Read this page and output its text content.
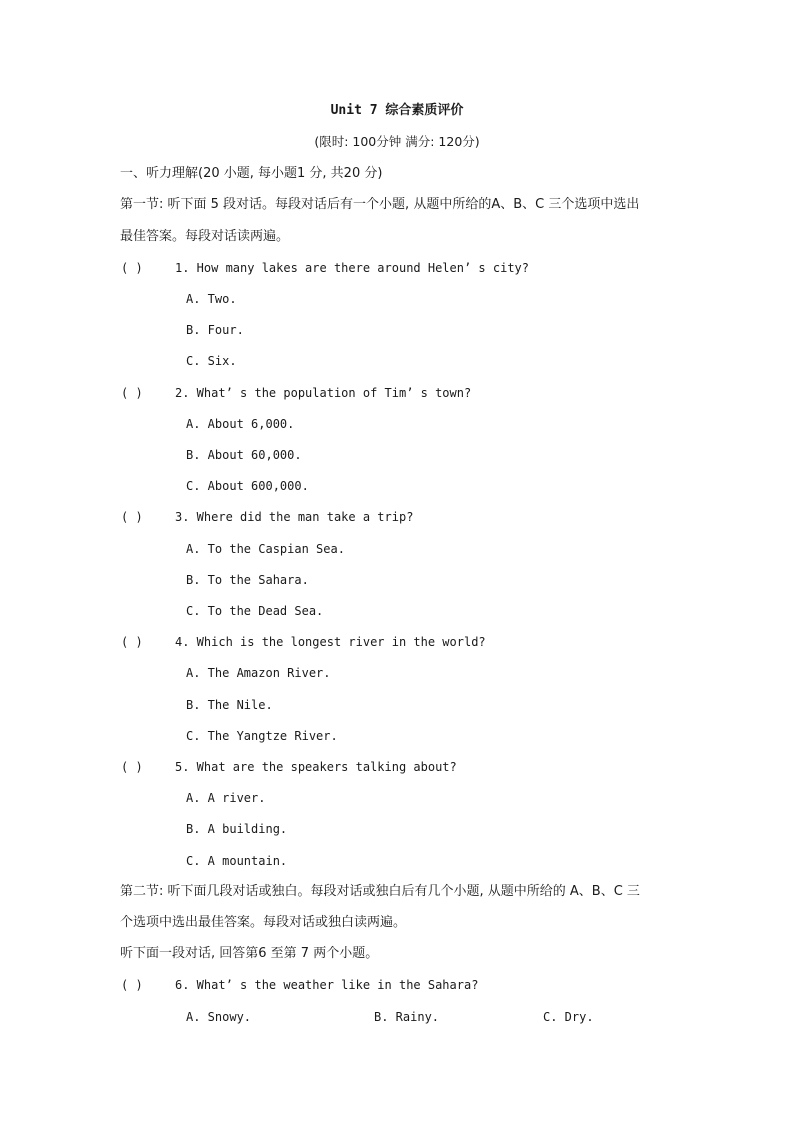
Unit 7 综合素质评价
(限时: 100分钟 满分: 120分)
一、听力理解(20 小题, 每小题1 分, 共20 分)
第一节: 听下面 5 段对话。每段对话后有一个小题, 从题中所给的A、B、C 三个选项中选出
最佳答案。每段对话读两遍。
( )	1. How many lakes are there around Helen’ s city?
A. Two.
B. Four.
C. Six.
( )	2. What’ s the population of Tim’ s town?
A. About 6,000.
B. About 60,000.
C. About 600,000.
( )	3. Where did the man take a trip?
A. To the Caspian Sea.
B. To the Sahara.
C. To the Dead Sea.
( )	4. Which is the longest river in the world?
A. The Amazon River.
B. The Nile.
C. The Yangtze River.
( )	5. What are the speakers talking about?
A. A river.
B. A building.
C. A mountain.
第二节: 听下面几段对话或独白。每段对话或独白后有几个小题, 从题中所给的 A、B、C 三
个选项中选出最佳答案。每段对话或独白读两遍。
听下面一段对话, 回答第6 至第 7 两个小题。
( )	6. What’ s the weather like in the Sahara?
A. Snowy.	B. Rainy.	C. Dry.
